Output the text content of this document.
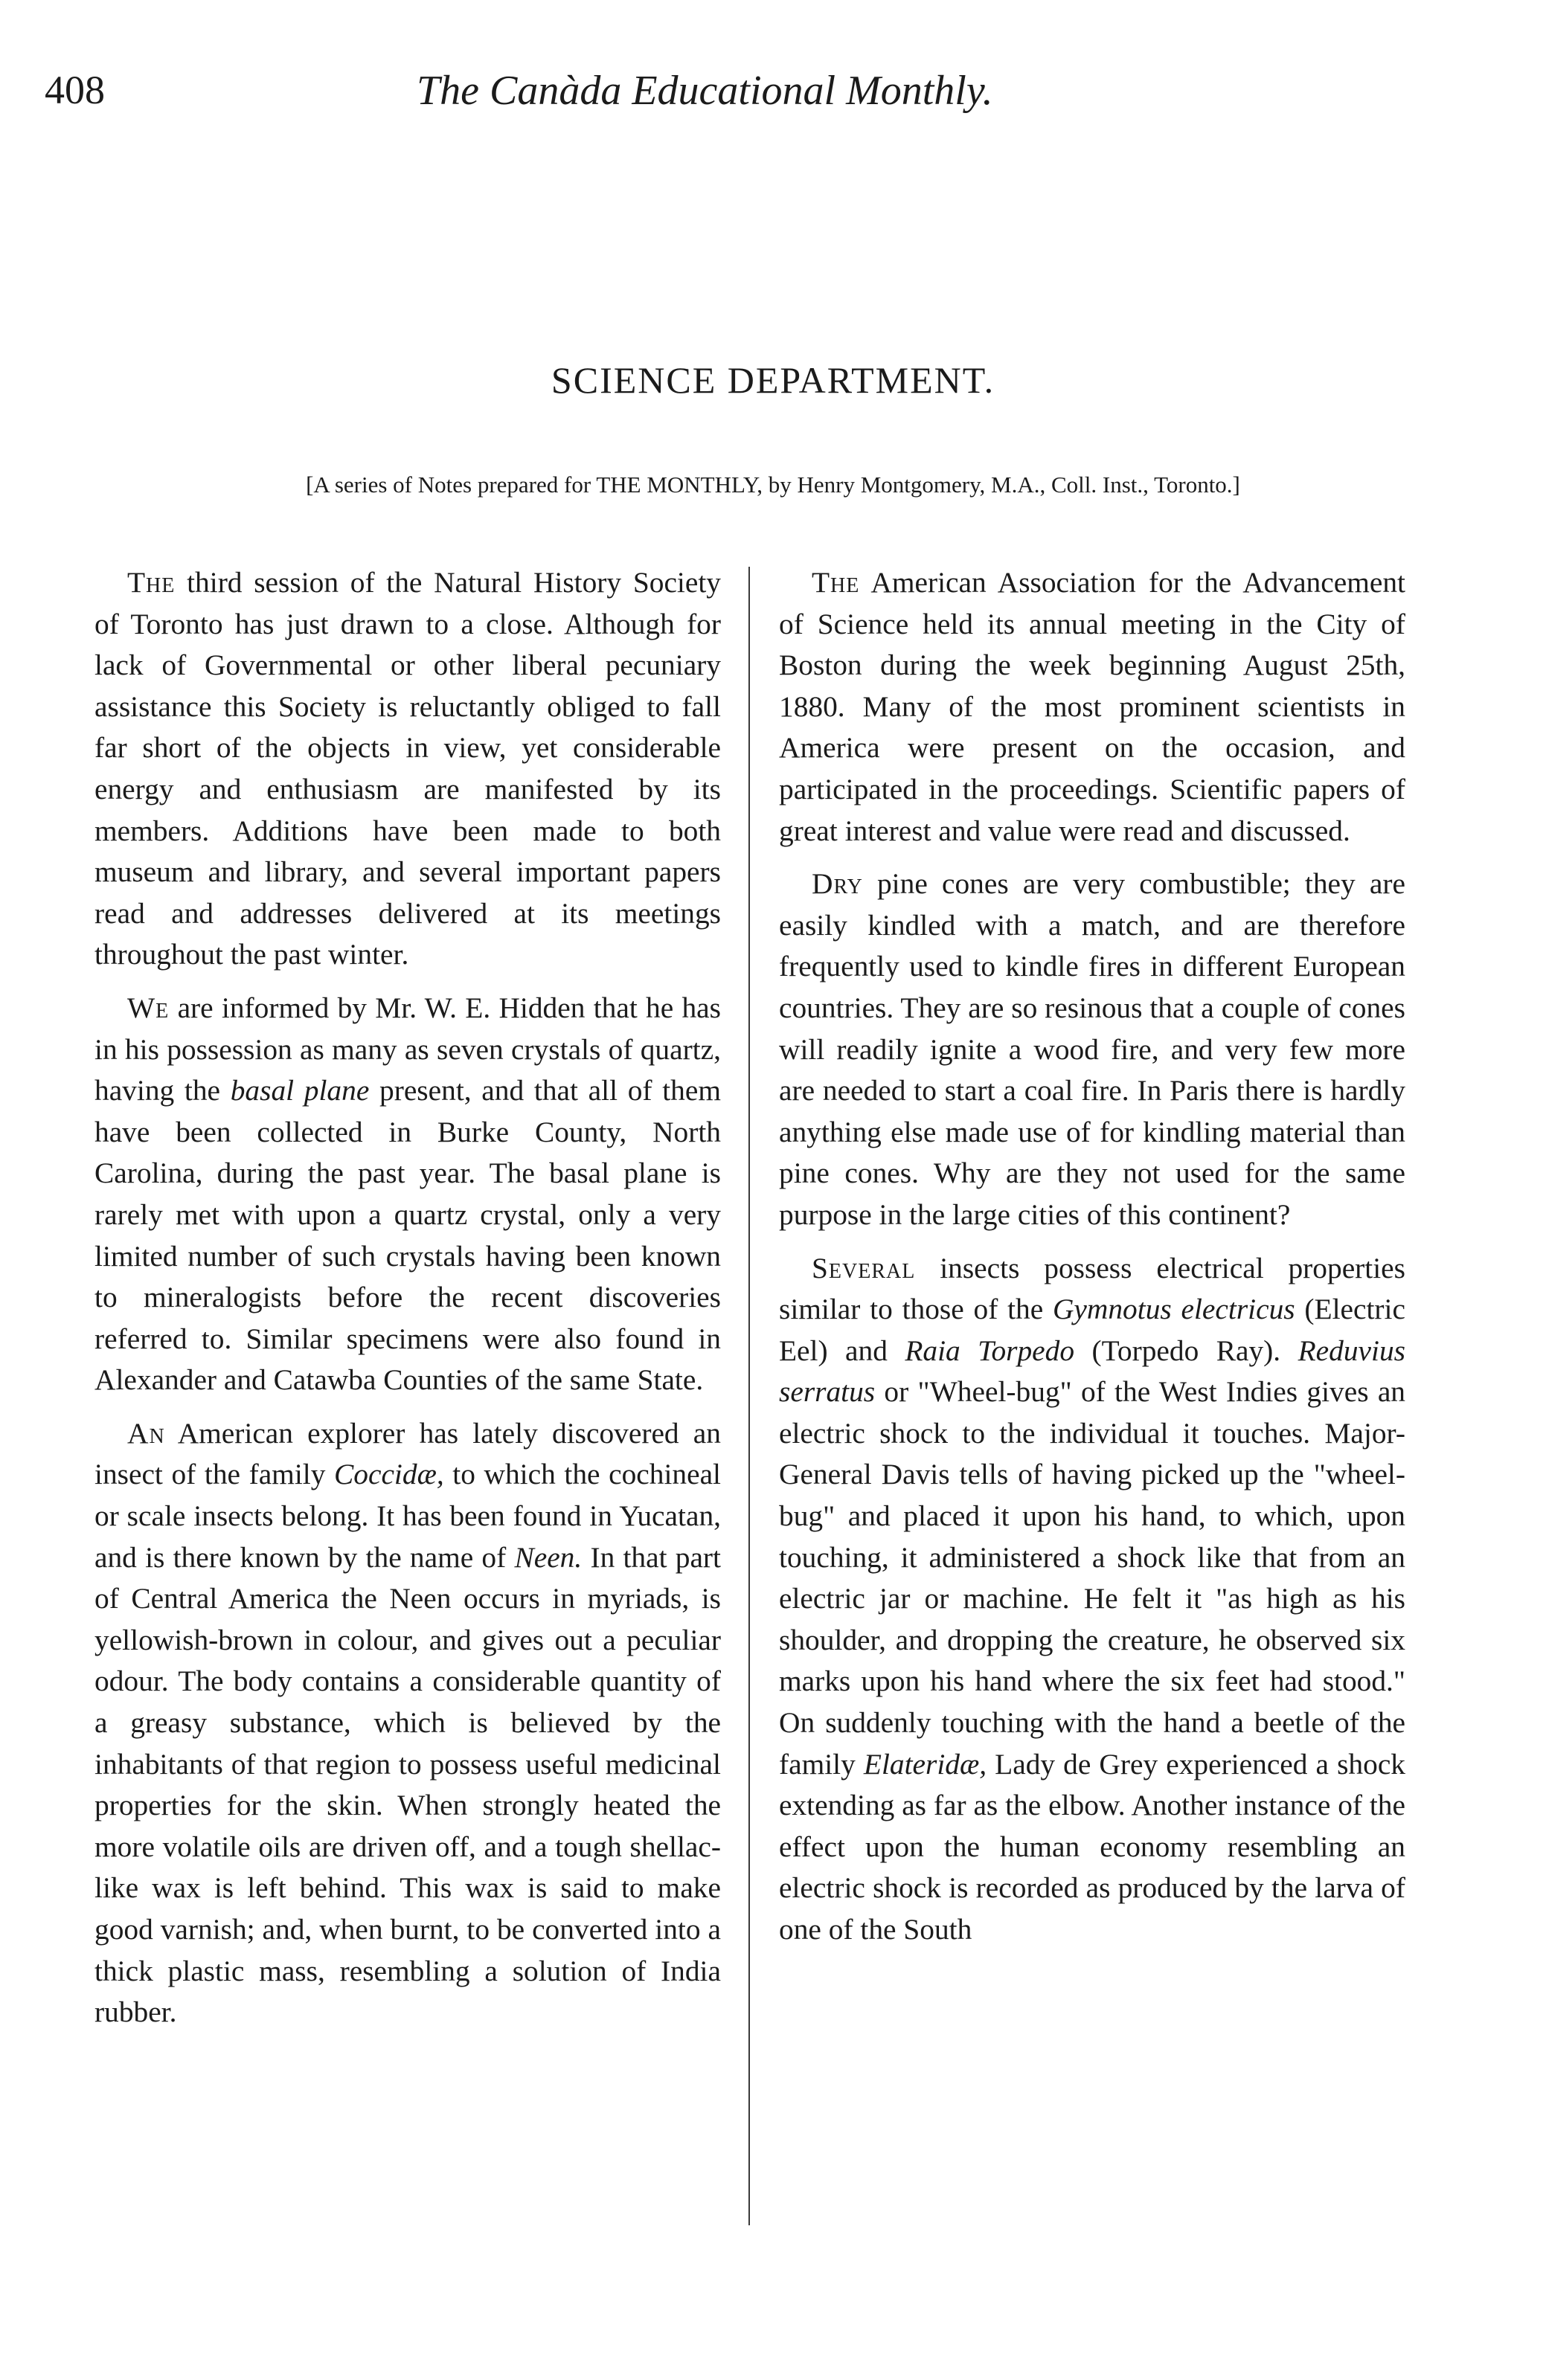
408	The Canàda Educational Monthly.
SCIENCE DEPARTMENT.
[A series of Notes prepared for THE MONTHLY, by Henry Montgomery, M.A., Coll. Inst., Toronto.]

The third session of the Natural History Society of Toronto has just drawn to a close. Although for lack of Governmental or other liberal pecuniary assistance this Society is reluctantly obliged to fall far short of the objects in view, yet considerable energy and enthusiasm are manifested by its members. Additions have been made to both museum and library, and several important papers read and addresses delivered at its meetings throughout the past winter.

We are informed by Mr. W. E. Hidden that he has in his possession as many as seven crystals of quartz, having the basal plane present, and that all of them have been collected in Burke County, North Carolina, during the past year. The basal plane is rarely met with upon a quartz crystal, only a very limited number of such crystals having been known to mineralogists before the recent discoveries referred to. Similar specimens were also found in Alexander and Catawba Counties of the same State.

An American explorer has lately discovered an insect of the family Coccidæ, to which the cochineal or scale insects belong. It has been found in Yucatan, and is there known by the name of Neen. In that part of Central America the Neen occurs in myriads, is yellowish-brown in colour, and gives out a peculiar odour. The body contains a considerable quantity of a greasy substance, which is believed by the inhabitants of that region to possess useful medicinal properties for the skin. When strongly heated the more volatile oils are driven off, and a tough shellac-like wax is left behind. This wax is said to make good varnish; and, when burnt, to be converted into a thick plastic mass, resembling a solution of India rubber.

The American Association for the Advancement of Science held its annual meeting in the City of Boston during the week beginning August 25th, 1880. Many of the most prominent scientists in America were present on the occasion, and participated in the proceedings. Scientific papers of great interest and value were read and discussed.

Dry pine cones are very combustible; they are easily kindled with a match, and are therefore frequently used to kindle fires in different European countries. They are so resinous that a couple of cones will readily ignite a wood fire, and very few more are needed to start a coal fire. In Paris there is hardly anything else made use of for kindling material than pine cones. Why are they not used for the same purpose in the large cities of this continent?

Several insects possess electrical properties similar to those of the Gymnotus electricus (Electric Eel) and Raia Torpedo (Torpedo Ray). Reduvius serratus or "Wheel-bug" of the West Indies gives an electric shock to the individual it touches. Major-General Davis tells of having picked up the "wheel-bug" and placed it upon his hand, to which, upon touching, it administered a shock like that from an electric jar or machine. He felt it "as high as his shoulder, and dropping the creature, he observed six marks upon his hand where the six feet had stood." On suddenly touching with the hand a beetle of the family Elateridæ, Lady de Grey experienced a shock extending as far as the elbow. Another instance of the effect upon the human economy resembling an electric shock is recorded as produced by the larva of one of the South
